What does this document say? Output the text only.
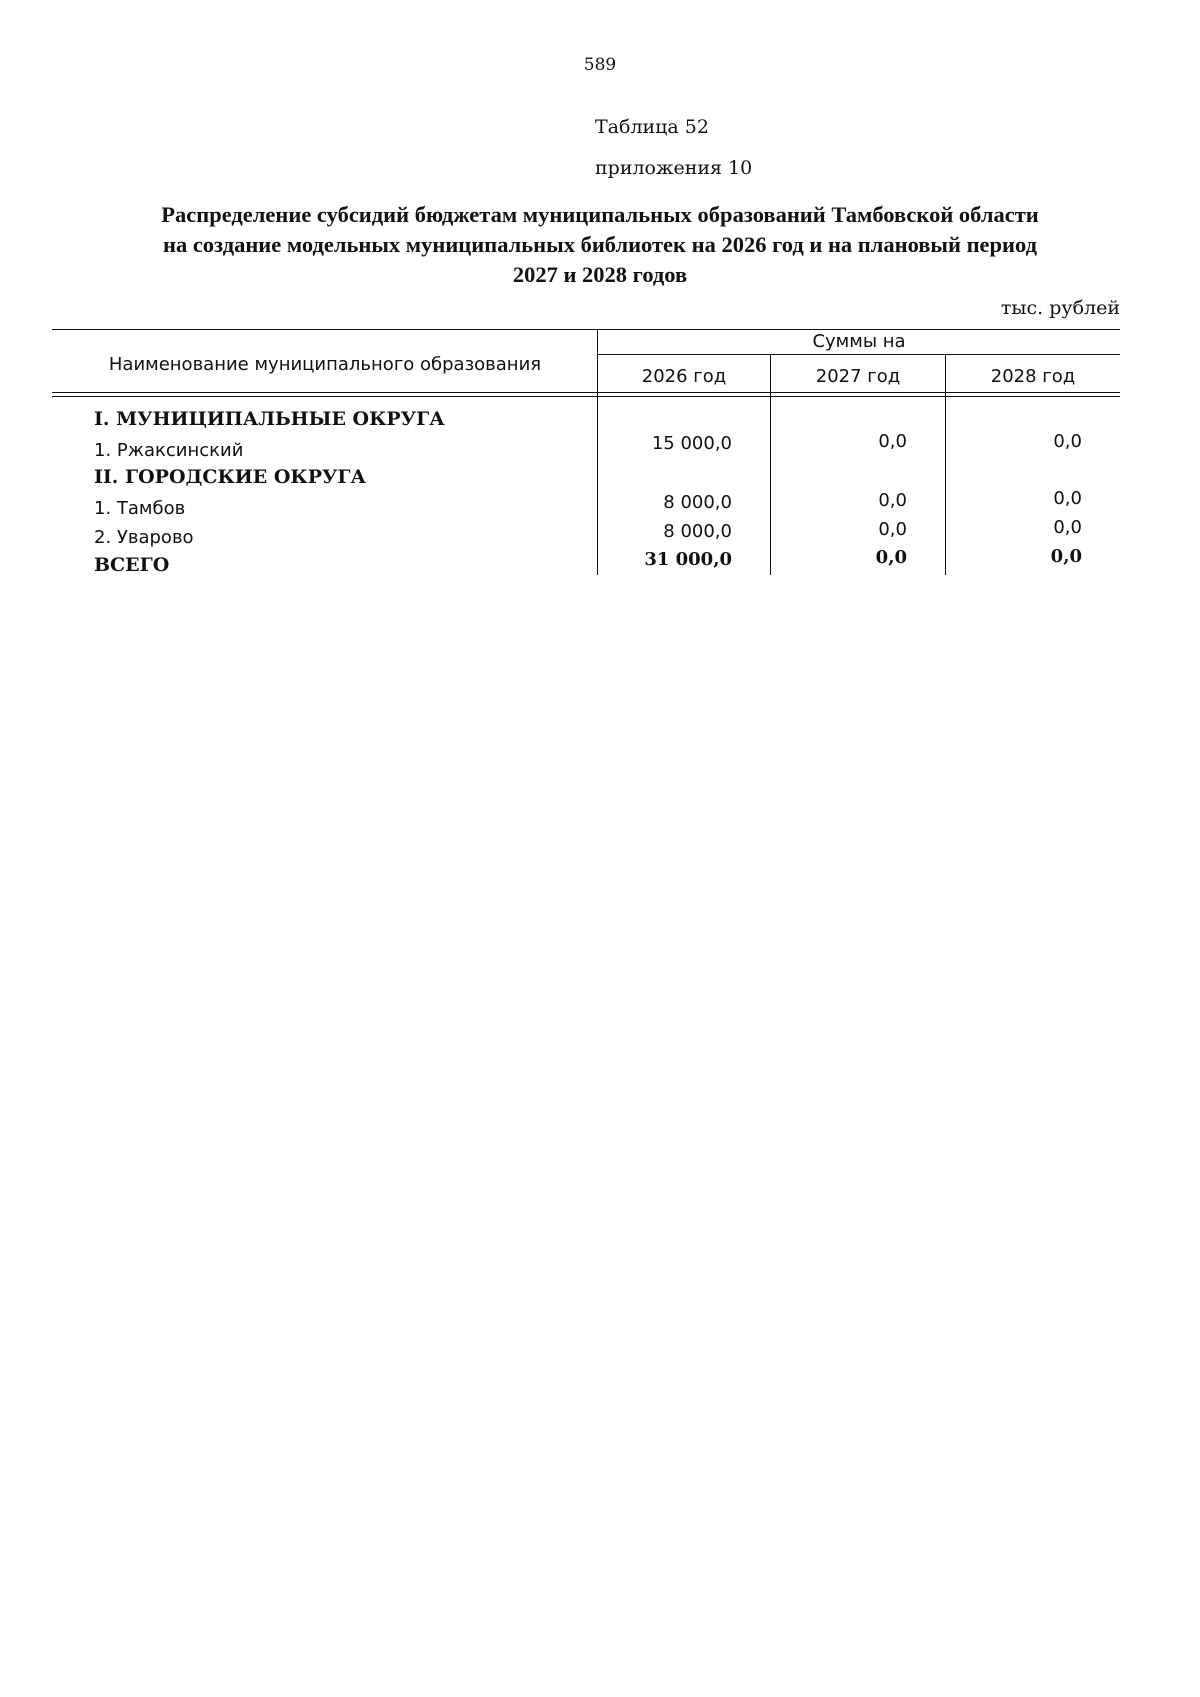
589
Таблица 52
приложения 10
Распределение субсидий бюджетам муниципальных образований Тамбовской области
на создание модельных муниципальных библиотек на 2026 год и на плановый период
2027 и 2028 годов
тыс. рублей
Наименование муниципального образования
Суммы на
2026 год	2027 год	2028 год
I. МУНИЦИПАЛЬНЫЕ ОКРУГА
1. Ржаксинский	15 000,0	0,0	0,0
II. ГОРОДСКИЕ ОКРУГА
1. Тамбов	8 000,0	0,0	0,0
2. Уварово	8 000,0	0,0	0,0
ВСЕГО	31 000,0	0,0	0,0
